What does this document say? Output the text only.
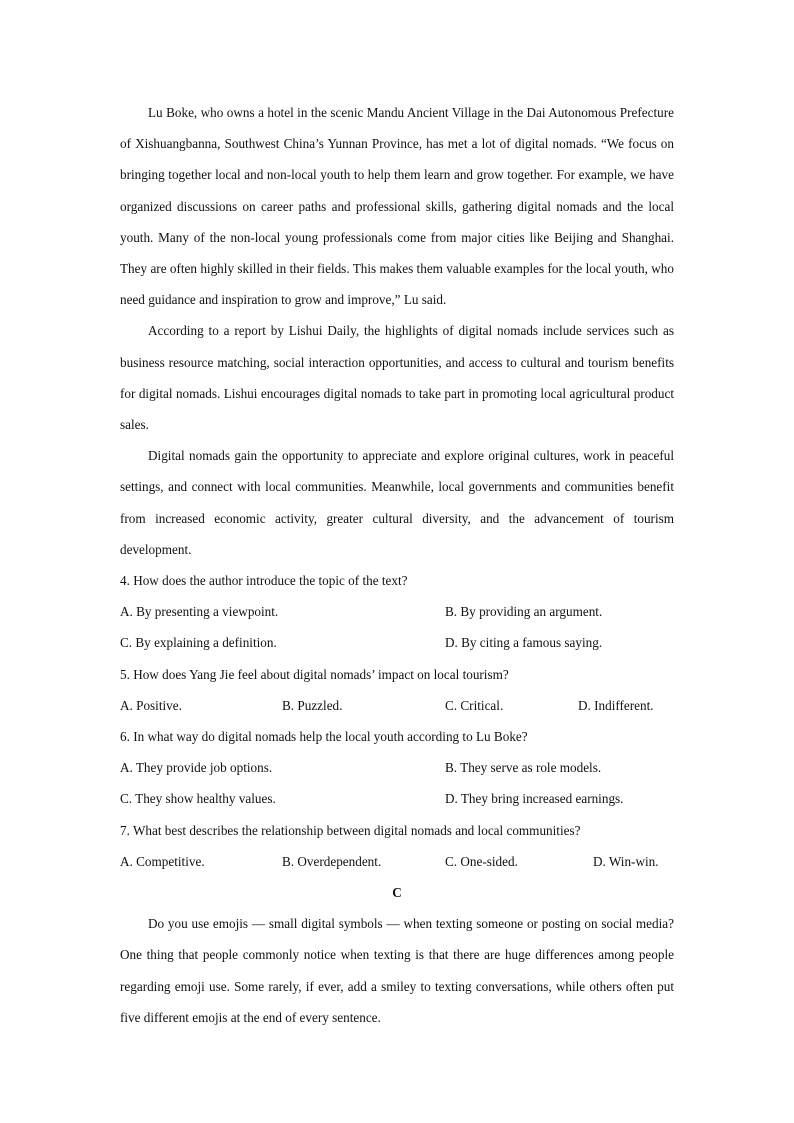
Lu Boke, who owns a hotel in the scenic Mandu Ancient Village in the Dai Autonomous Prefecture of Xishuangbanna, Southwest China’s Yunnan Province, has met a lot of digital nomads. “We focus on bringing together local and non-local youth to help them learn and grow together. For example, we have organized discussions on career paths and professional skills, gathering digital nomads and the local youth. Many of the non-local young professionals come from major cities like Beijing and Shanghai. They are often highly skilled in their fields. This makes them valuable examples for the local youth, who need guidance and inspiration to grow and improve,” Lu said.

According to a report by Lishui Daily, the highlights of digital nomads include services such as business resource matching, social interaction opportunities, and access to cultural and tourism benefits for digital nomads. Lishui encourages digital nomads to take part in promoting local agricultural product sales.

Digital nomads gain the opportunity to appreciate and explore original cultures, work in peaceful settings, and connect with local communities. Meanwhile, local governments and communities benefit from increased economic activity, greater cultural diversity, and the advancement of tourism development.

4. How does the author introduce the topic of the text?

A. By presenting a viewpoint.	B. By providing an argument.
C. By explaining a definition.	D. By citing a famous saying.

5. How does Yang Jie feel about digital nomads’ impact on local tourism?

A. Positive.	B. Puzzled.	C. Critical.	D. Indifferent.

6. In what way do digital nomads help the local youth according to Lu Boke?

A. They provide job options.	B. They serve as role models.
C. They show healthy values.	D. They bring increased earnings.

7. What best describes the relationship between digital nomads and local communities?

A. Competitive.	B. Overdependent.	C. One-sided.	D. Win-win.

C

Do you use emojis — small digital symbols — when texting someone or posting on social media? One thing that people commonly notice when texting is that there are huge differences among people regarding emoji use. Some rarely, if ever, add a smiley to texting conversations, while others often put five different emojis at the end of every sentence.
